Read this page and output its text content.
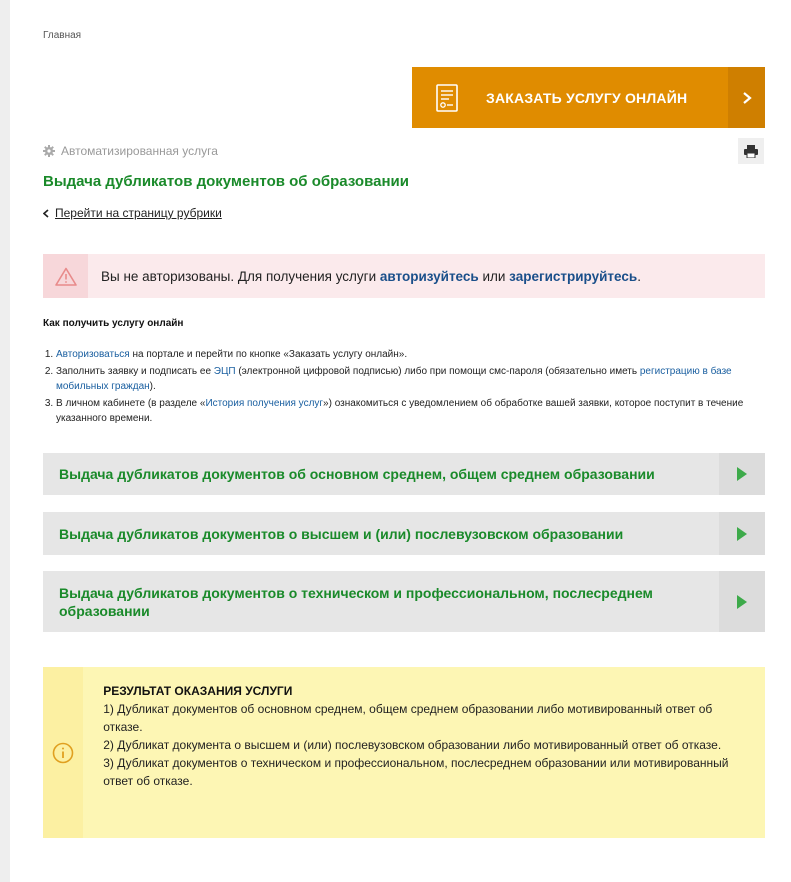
Главная
ЗАКАЗАТЬ УСЛУГУ ОНЛАЙН
Автоматизированная услуга
Выдача дубликатов документов об образовании
Перейти на страницу рубрики
Вы не авторизованы. Для получения услуги авторизуйтесь или зарегистрируйтесь.
Как получить услугу онлайн
1. Авторизоваться на портале и перейти по кнопке «Заказать услугу онлайн».
2. Заполнить заявку и подписать ее ЭЦП (электронной цифровой подписью) либо при помощи смс-пароля (обязательно иметь регистрацию в базе мобильных граждан).
3. В личном кабинете (в разделе «История получения услуг») ознакомиться с уведомлением об обработке вашей заявки, которое поступит в течение указанного времени.
Выдача дубликатов документов об основном среднем, общем среднем образовании
Выдача дубликатов документов о высшем и (или) послевузовском образовании
Выдача дубликатов документов о техническом и профессиональном, послесреднем образовании
РЕЗУЛЬТАТ ОКАЗАНИЯ УСЛУГИ
1) Дубликат документов об основном среднем, общем среднем образовании либо мотивированный ответ об отказе.
2) Дубликат документа о высшем и (или) послевузовском образовании либо мотивированный ответ об отказе.
3) Дубликат документов о техническом и профессиональном, послесреднем образовании или мотивированный ответ об отказе.
